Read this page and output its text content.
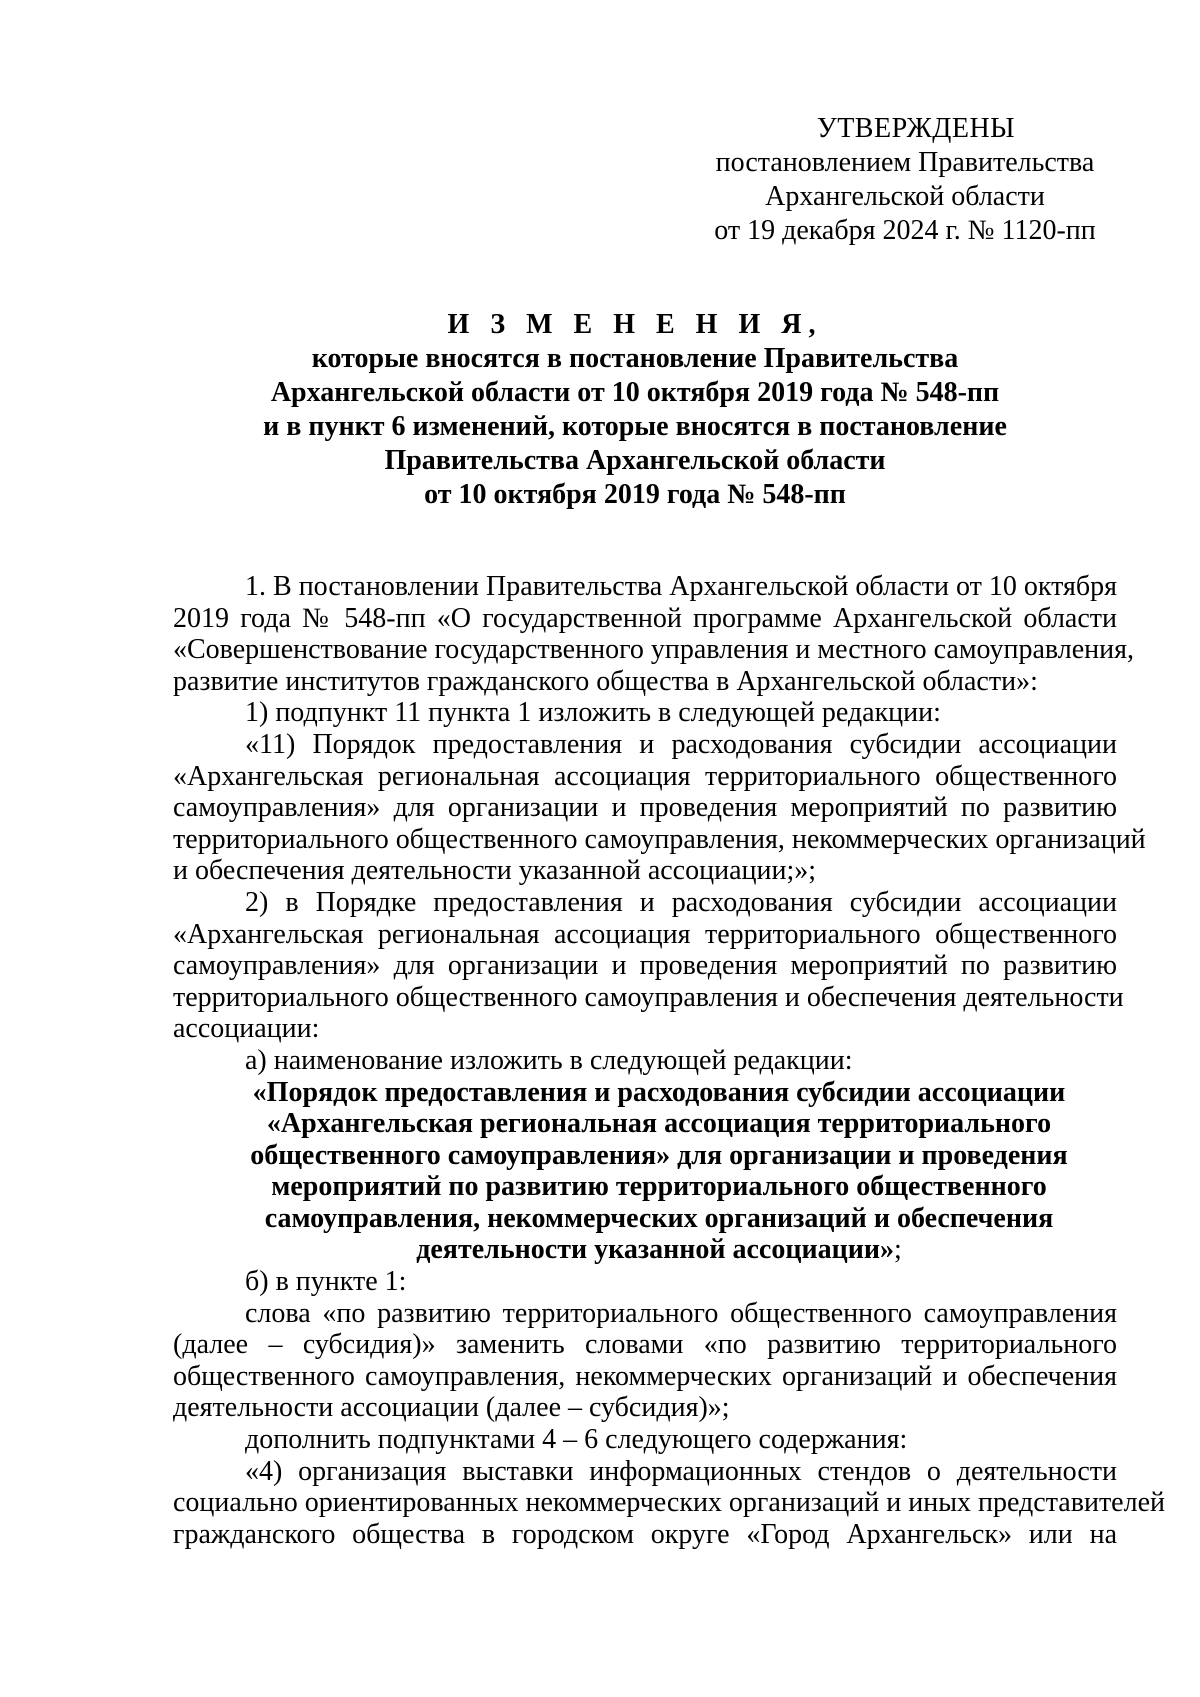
УТВЕРЖДЕНЫ
постановлением Правительства
Архангельской области
от 19 декабря 2024 г. № 1120-пп
И З М Е Н Е Н И Я,
которые вносятся в постановление Правительства
Архангельской области от 10 октября 2019 года № 548-пп
и в пункт 6 изменений, которые вносятся в постановление
Правительства Архангельской области
от 10 октября 2019 года № 548-пп
1. В постановлении Правительства Архангельской области от 10 октября
2019 года № 548-пп «О государственной программе Архангельской области
«Совершенствование государственного управления и местного самоуправления,
развитие институтов гражданского общества в Архангельской области»:
1) подпункт 11 пункта 1 изложить в следующей редакции:
«11) Порядок предоставления и расходования субсидии ассоциации
«Архангельская региональная ассоциация территориального общественного
самоуправления» для организации и проведения мероприятий по развитию
территориального общественного самоуправления, некоммерческих организаций
и обеспечения деятельности указанной ассоциации;»;
2) в Порядке предоставления и расходования субсидии ассоциации
«Архангельская региональная ассоциация территориального общественного
самоуправления» для организации и проведения мероприятий по развитию
территориального общественного самоуправления и обеспечения деятельности
ассоциации:
а) наименование изложить в следующей редакции:
«Порядок предоставления и расходования субсидии ассоциации
«Архангельская региональная ассоциация территориального
общественного самоуправления» для организации и проведения
мероприятий по развитию территориального общественного
самоуправления, некоммерческих организаций и обеспечения
деятельности указанной ассоциации»;
б) в пункте 1:
слова «по развитию территориального общественного самоуправления
(далее – субсидия)» заменить словами «по развитию территориального
общественного самоуправления, некоммерческих организаций и обеспечения
деятельности ассоциации (далее – субсидия)»;
дополнить подпунктами 4 – 6 следующего содержания:
«4) организация выставки информационных стендов о деятельности
социально ориентированных некоммерческих организаций и иных представителей
гражданского общества в городском округе «Город Архангельск» или на
